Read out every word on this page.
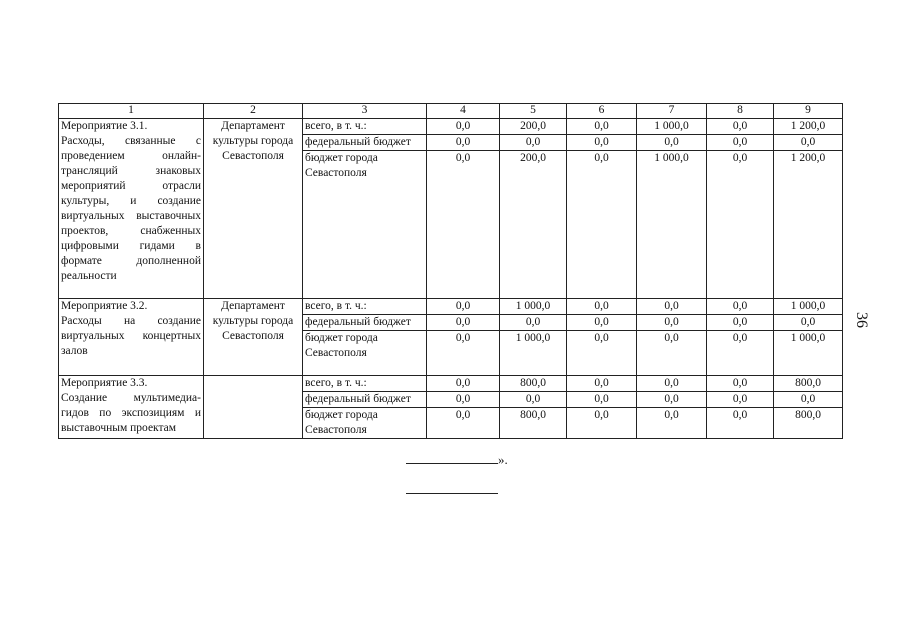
1	2	3	4	5	6	7	8	9

Мероприятие 3.1.
Расходы, связанные с проведением онлайн-трансляций знаковых мероприятий отрасли культуры, и создание виртуальных выставочных проектов, снабженных цифровыми гидами в формате дополненной реальности	Департамент культуры города Севастополя	всего, в т. ч.:	0,0	200,0	0,0	1 000,0	0,0	1 200,0
		федеральный бюджет	0,0	0,0	0,0	0,0	0,0	0,0
		бюджет города Севастополя	0,0	200,0	0,0	1 000,0	0,0	1 200,0

Мероприятие 3.2.
Расходы на создание виртуальных концертных залов	Департамент культуры города Севастополя	всего, в т. ч.:	0,0	1 000,0	0,0	0,0	0,0	1 000,0
		федеральный бюджет	0,0	0,0	0,0	0,0	0,0	0,0
		бюджет города Севастополя	0,0	1 000,0	0,0	0,0	0,0	1 000,0

Мероприятие 3.3.
Создание мультимедиа-гидов по экспозициям и выставочным проектам		всего, в т. ч.:	0,0	800,0	0,0	0,0	0,0	800,0
		федеральный бюджет	0,0	0,0	0,0	0,0	0,0	0,0
		бюджет города Севастополя	0,0	800,0	0,0	0,0	0,0	800,0
».
36
